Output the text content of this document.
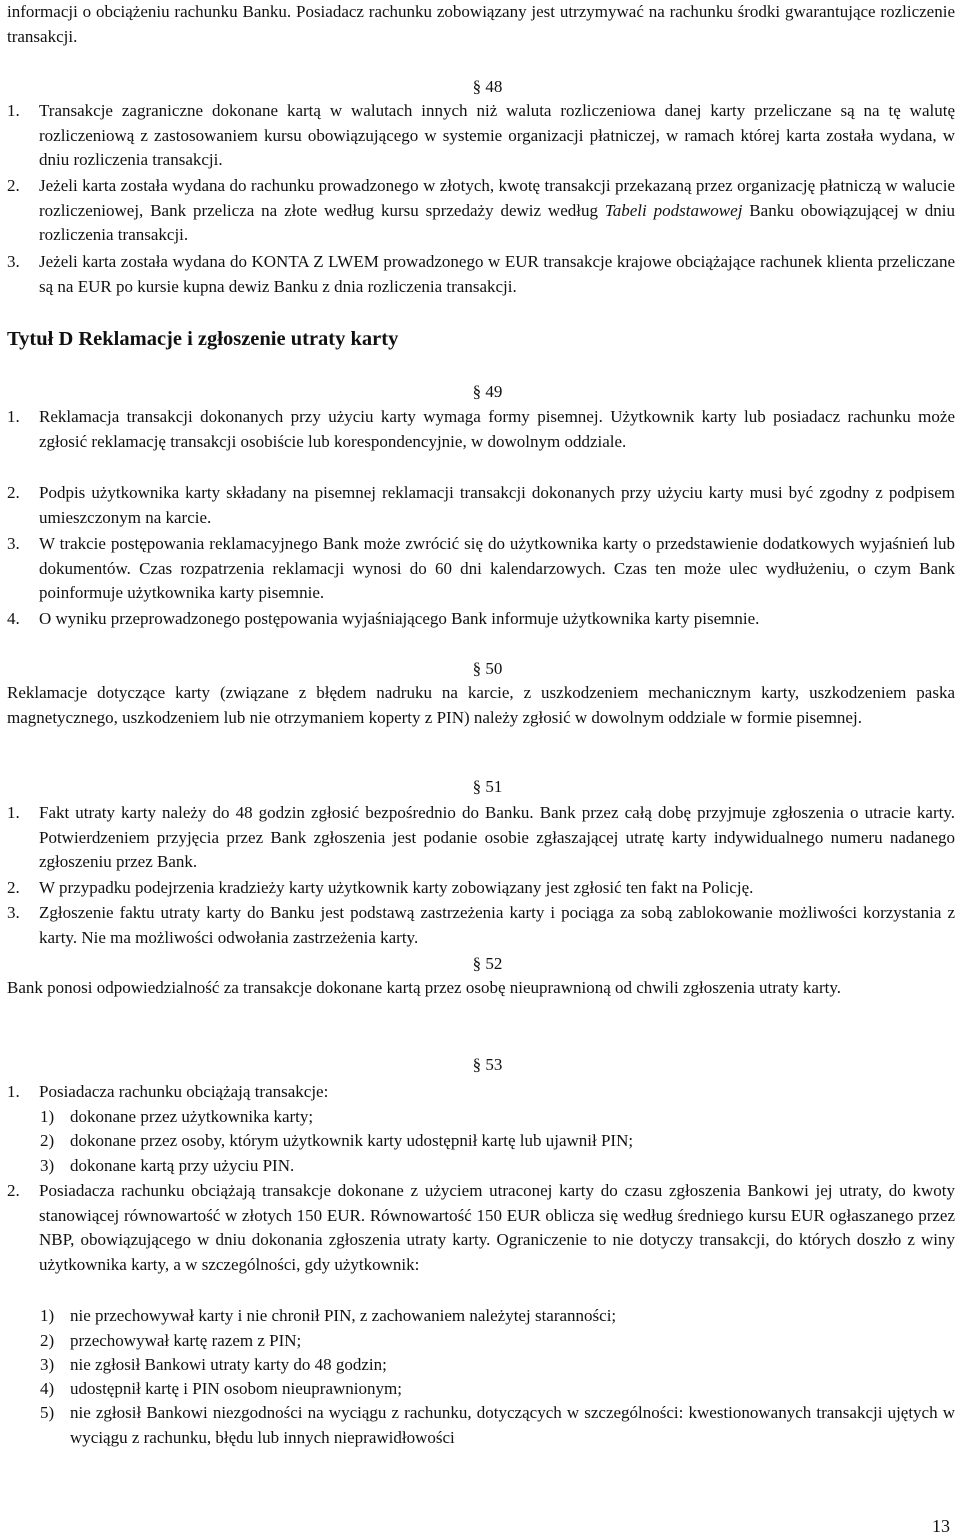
informacji o obciążeniu rachunku Banku. Posiadacz rachunku zobowiązany jest utrzymywać na rachunku środki gwarantujące rozliczenie transakcji.

§ 48
1. Transakcje zagraniczne dokonane kartą w walutach innych niż waluta rozliczeniowa danej karty przeliczane są na tę walutę rozliczeniową z zastosowaniem kursu obowiązującego w systemie organizacji płatniczej, w ramach której karta została wydana, w dniu rozliczenia transakcji.

2. Jeżeli karta została wydana do rachunku prowadzonego w złotych, kwotę transakcji przekazaną przez organizację płatniczą w walucie rozliczeniowej, Bank przelicza na złote według kursu sprzedaży dewiz według Tabeli podstawowej Banku obowiązującej w dniu rozliczenia transakcji.

3. Jeżeli karta została wydana do KONTA Z LWEM prowadzonego w EUR transakcje krajowe obciążające rachunek klienta przeliczane są na EUR po kursie kupna dewiz Banku z dnia rozliczenia transakcji.

Tytuł D Reklamacje i zgłoszenie utraty karty
§ 49
1. Reklamacja transakcji dokonanych przy użyciu karty wymaga formy pisemnej. Użytkownik karty lub posiadacz rachunku może zgłosić reklamację transakcji osobiście lub korespondencyjnie, w dowolnym oddziale.

2. Podpis użytkownika karty składany na pisemnej reklamacji transakcji dokonanych przy użyciu karty musi być zgodny z podpisem umieszczonym na karcie.

3. W trakcie postępowania reklamacyjnego Bank może zwrócić się do użytkownika karty o przedstawienie dodatkowych wyjaśnień lub dokumentów. Czas rozpatrzenia reklamacji wynosi do 60 dni kalendarzowych. Czas ten może ulec wydłużeniu, o czym Bank poinformuje użytkownika karty pisemnie.

4. O wyniku przeprowadzonego postępowania wyjaśniającego Bank informuje użytkownika karty pisemnie.

§ 50

Reklamacje dotyczące karty (związane z błędem nadruku na karcie, z uszkodzeniem mechanicznym karty, uszkodzeniem paska magnetycznego, uszkodzeniem lub nie otrzymaniem koperty z PIN) należy zgłosić w dowolnym oddziale w formie pisemnej.

§ 51
1. Fakt utraty karty należy do 48 godzin zgłosić bezpośrednio do Banku. Bank przez całą dobę przyjmuje zgłoszenia o utracie karty. Potwierdzeniem przyjęcia przez Bank zgłoszenia jest podanie osobie zgłaszającej utratę karty indywidualnego numeru nadanego zgłoszeniu przez Bank.

2. W przypadku podejrzenia kradzieży karty użytkownik karty zobowiązany jest zgłosić ten fakt na Policję.

3. Zgłoszenie faktu utraty karty do Banku jest podstawą zastrzeżenia karty i pociąga za sobą zablokowanie możliwości korzystania z karty. Nie ma możliwości odwołania zastrzeżenia karty.

§ 52

Bank ponosi odpowiedzialność za transakcje dokonane kartą przez osobę nieuprawnioną od chwili zgłoszenia utraty karty.

§ 53
1. Posiadacza rachunku obciążają transakcje:

1) dokonane przez użytkownika karty;

2) dokonane przez osoby, którym użytkownik karty udostępnił kartę lub ujawnił PIN;

3) dokonane kartą przy użyciu PIN.

2. Posiadacza rachunku obciążają transakcje dokonane z użyciem utraconej karty do czasu zgłoszenia Bankowi jej utraty, do kwoty stanowiącej równowartość w złotych 150 EUR. Równowartość 150 EUR oblicza się według średniego kursu EUR ogłaszanego przez NBP, obowiązującego w dniu dokonania zgłoszenia utraty karty. Ograniczenie to nie dotyczy transakcji, do których doszło z winy użytkownika karty, a w szczególności, gdy użytkownik:

1) nie przechowywał karty i nie chronił PIN, z zachowaniem należytej staranności;

2) przechowywał kartę razem z PIN;

3) nie zgłosił Bankowi utraty karty do 48 godzin;

4) udostępnił kartę i PIN osobom nieuprawnionym;

5) nie zgłosił Bankowi niezgodności na wyciągu z rachunku, dotyczących w szczególności: kwestionowanych transakcji ujętych w wyciągu z rachunku, błędu lub innych nieprawidłowości

13
